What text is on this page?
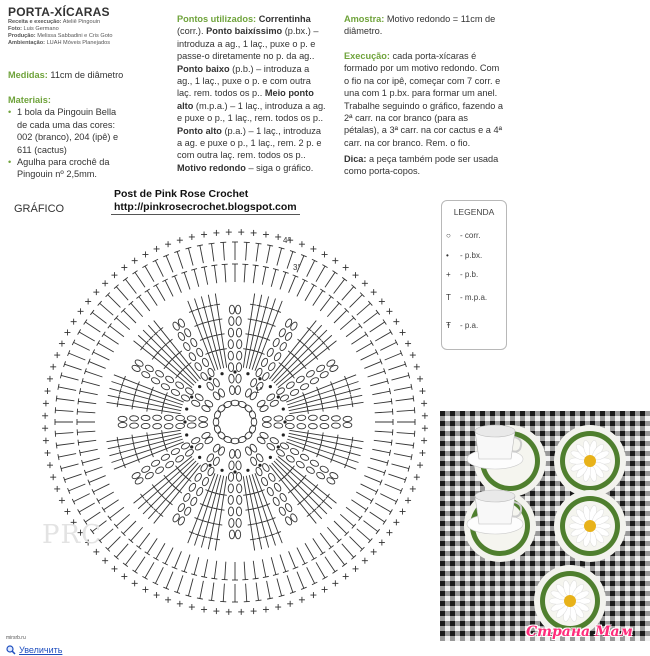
PORTA-XÍCARAS
Receita e execução: Ateliê Pingouin
Foto: Luis Germano
Produção: Melissa Sabbadini e Cris Goto
Ambientação: LUAH Móveis Planejados
Medidas: 11cm de diâmetro
Materiais:
• 1 bola da Pingouin Bella de cada uma das cores: 002 (branco), 204 (ipê) e 611 (cactus)
• Agulha para crochê da Pingouin nº 2,5mm.
Pontos utilizados: Correntinha (corr.). Ponto baixíssimo (p.bx.) – introduza a ag., 1 laç., puxe o p. e passe-o diretamente no p. da ag.. Ponto baixo (p.b.) – introduza a ag., 1 laç., puxe o p. e com outra laç. rem. todos os p.. Meio ponto alto (m.p.a.) – 1 laç., introduza a ag. e puxe o p., 1 laç., rem. todos os p.. Ponto alto (p.a.) – 1 laç., introduza a ag. e puxe o p., 1 laç., rem. 2 p. e com outra laç. rem. todos os p.. Motivo redondo – siga o gráfico.
Amostra: Motivo redondo = 11cm de diâmetro.
Execução: cada porta-xícaras é formado por um motivo redondo. Com o fio na cor ipê, começar com 7 corr. e una com 1 p.bx. para formar um anel. Trabalhe seguindo o gráfico, fazendo a 2ª carr. na cor branco (para as pétalas), a 3ª carr. na cor cactus e a 4ª carr. na cor branco. Rem. o fio.
Dica: a peça também pode ser usada como porta-copos.
GRÁFICO
4°
3°
1°
Post de Pink Rose Crochet
http://pinkrosecrochet.blogspot.com
PRC
LEGENDA
○ - corr.
• - p.bx.
+ - p.b.
T - m.p.a.
Ŧ - p.a.
Страна Мам
mirsrb.ru
Увеличить
